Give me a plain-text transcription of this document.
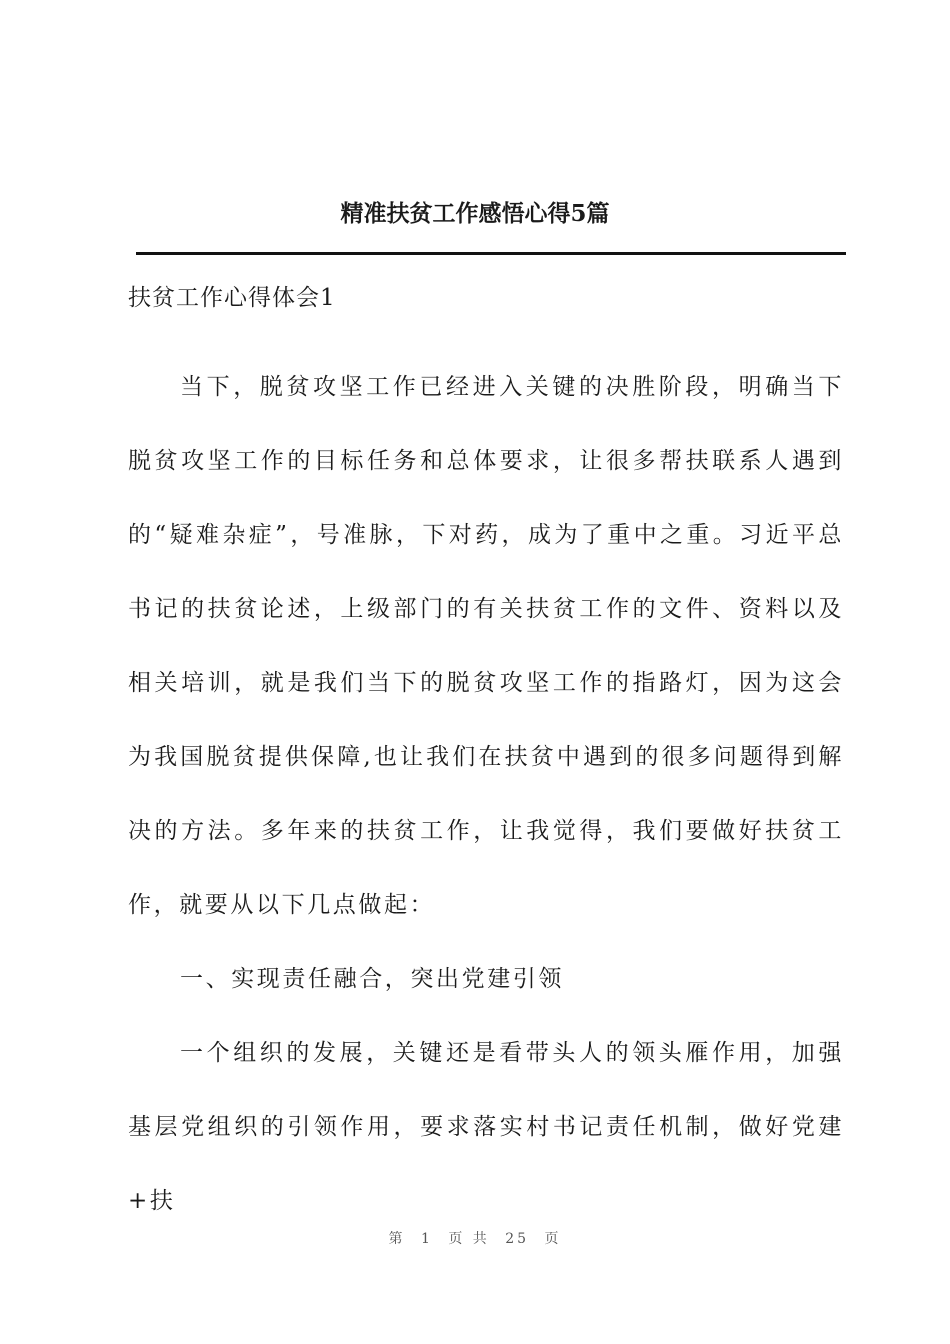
精准扶贫工作感悟心得5篇
扶贫工作心得体会1

当下，脱贫攻坚工作已经进入关键的决胜阶段，明确当下脱贫攻坚工作的目标任务和总体要求，让很多帮扶联系人遇到的“疑难杂症”，号准脉，下对药，成为了重中之重。习近平总书记的扶贫论述，上级部门的有关扶贫工作的文件、资料以及相关培训，就是我们当下的脱贫攻坚工作的指路灯，因为这会为我国脱贫提供保障,也让我们在扶贫中遇到的很多问题得到解决的方法。多年来的扶贫工作，让我觉得，我们要做好扶贫工作，就要从以下几点做起：

一、实现责任融合，突出党建引领

一个组织的发展，关键还是看带头人的领头雁作用，加强基层党组织的引领作用，要求落实村书记责任机制，做好党建+扶

第 1 页 共 25 页
